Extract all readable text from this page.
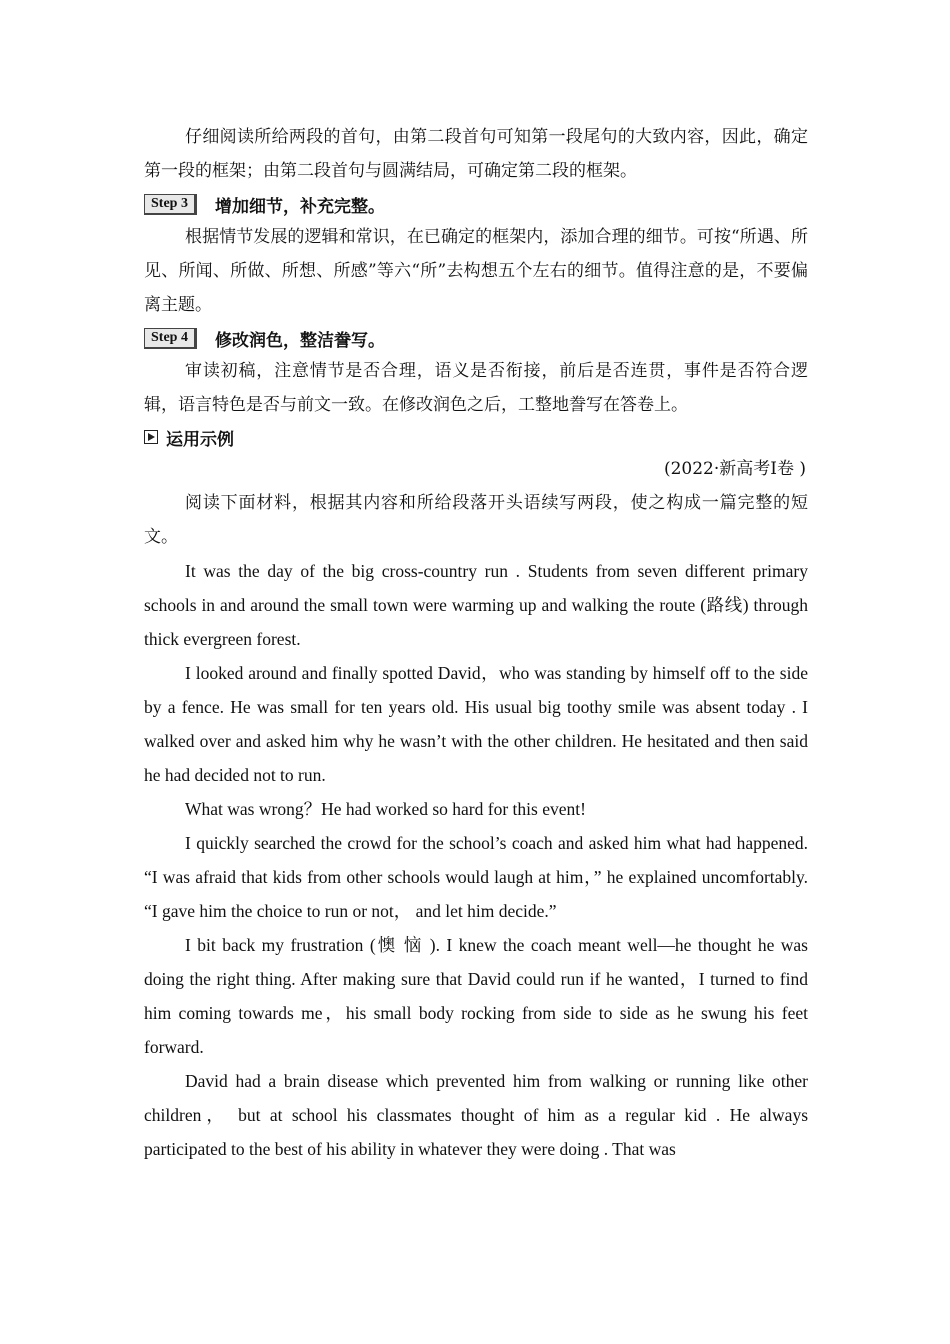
仔细阅读所给两段的首句，由第二段首句可知第一段尾句的大致内容，因此，确定第一段的框架；由第二段首句与圆满结局，可确定第二段的框架。

Step 3	增加细节，补充完整。

根据情节发展的逻辑和常识，在已确定的框架内，添加合理的细节。可按“所遇、所见、所闻、所做、所想、所感”等六“所”去构想五个左右的细节。值得注意的是，不要偏离主题。

Step 4	修改润色，整洁誊写。

审读初稿，注意情节是否合理，语义是否衔接，前后是否连贯，事件是否符合逻辑，语言特色是否与前文一致。在修改润色之后，工整地誊写在答卷上。

运用示例

(2022·新高考Ⅰ卷 )

阅读下面材料，根据其内容和所给段落开头语续写两段，使之构成一篇完整的短文。

It was the day of the big cross-country run . Students from seven different primary schools in and around the small town were warming up and walking the route (路线) through thick evergreen forest.

I looked around and finally spotted David，who was standing by himself off to the side by a fence. He was small for ten years old. His usual big toothy smile was absent today . I walked over and asked him why he wasn’t with the other children. He hesitated and then said he had decided not to run.

What was wrong？He had worked so hard for this event!

I quickly searched the crowd for the school’s coach and asked him what had happened. “I was afraid that kids from other schools would laugh at him，” he explained uncomfortably. “I gave him the choice to run or not， and let him decide.”

I bit back my frustration (懊 恼 ). I knew the coach meant well—he thought he was doing the right thing. After making sure that David could run if he wanted，I turned to find him coming towards me，his small body rocking from side to side as he swung his feet forward.

David had a brain disease which prevented him from walking or running like other children， but at school his classmates thought of him as a regular kid . He always participated to the best of his ability in whatever they were doing . That was
